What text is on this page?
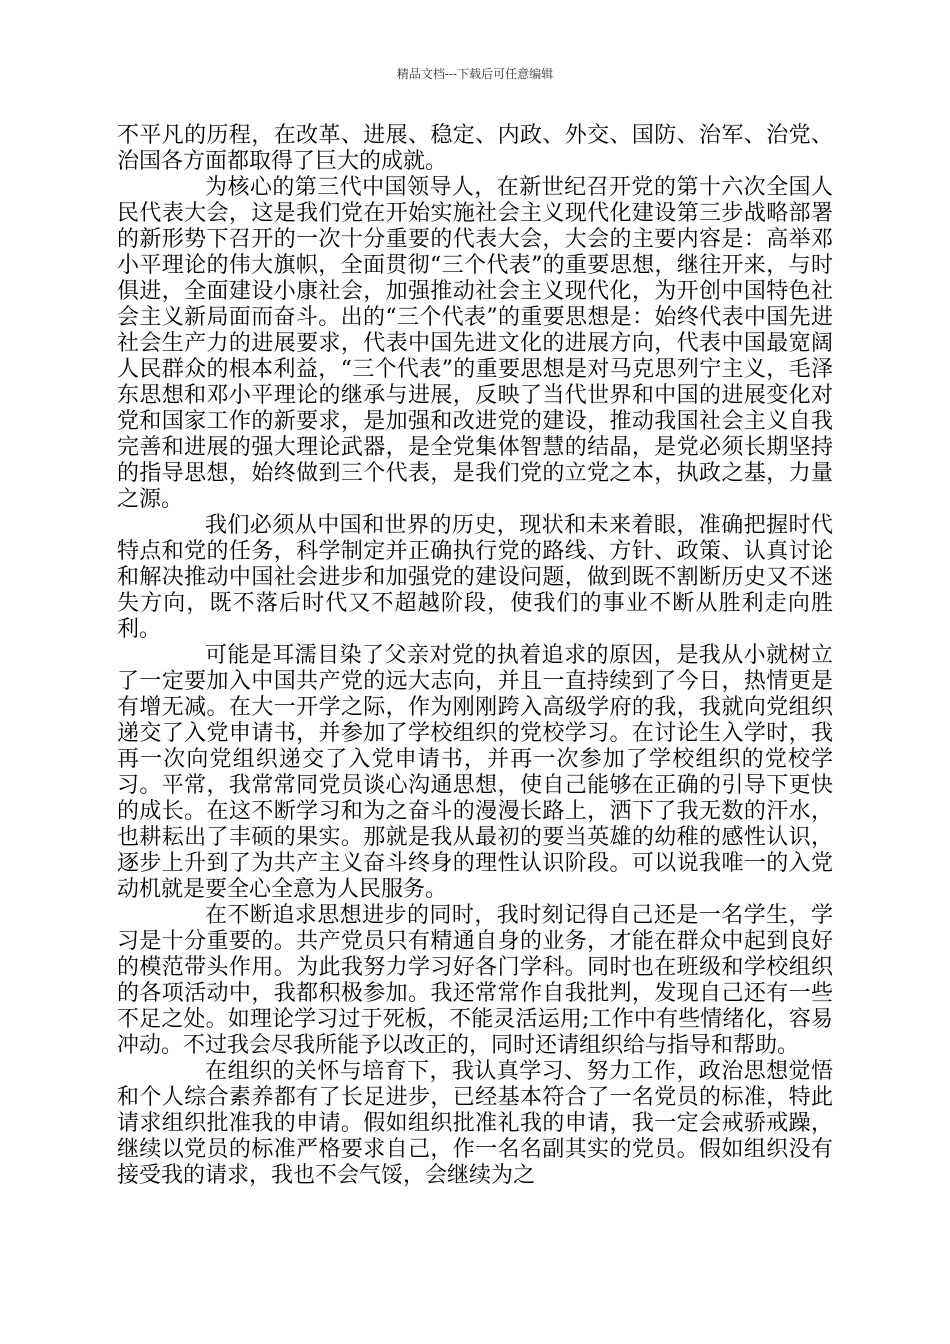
精品文档---下载后可任意编辑

不平凡的历程，在改革、进展、稳定、内政、外交、国防、治军、治党、治国各方面都取得了巨大的成就。

为核心的第三代中国领导人，在新世纪召开党的第十六次全国人民代表大会，这是我们党在开始实施社会主义现代化建设第三步战略部署的新形势下召开的一次十分重要的代表大会，大会的主要内容是：高举邓小平理论的伟大旗帜，全面贯彻“三个代表”的重要思想，继往开来，与时俱进，全面建设小康社会，加强推动社会主义现代化，为开创中国特色社会主义新局面而奋斗。出的“三个代表”的重要思想是：始终代表中国先进社会生产力的进展要求，代表中国先进文化的进展方向，代表中国最宽阔人民群众的根本利益，“三个代表”的重要思想是对马克思列宁主义，毛泽东思想和邓小平理论的继承与进展，反映了当代世界和中国的进展变化对党和国家工作的新要求，是加强和改进党的建设，推动我国社会主义自我完善和进展的强大理论武器，是全党集体智慧的结晶，是党必须长期坚持的指导思想，始终做到三个代表，是我们党的立党之本，执政之基，力量之源。

我们必须从中国和世界的历史，现状和未来着眼，准确把握时代特点和党的任务，科学制定并正确执行党的路线、方针、政策、认真讨论和解决推动中国社会进步和加强党的建设问题，做到既不割断历史又不迷失方向，既不落后时代又不超越阶段，使我们的事业不断从胜利走向胜利。

可能是耳濡目染了父亲对党的执着追求的原因，是我从小就树立了一定要加入中国共产党的远大志向，并且一直持续到了今日，热情更是有增无减。在大一开学之际，作为刚刚跨入高级学府的我，我就向党组织递交了入党申请书，并参加了学校组织的党校学习。在讨论生入学时，我再一次向党组织递交了入党申请书，并再一次参加了学校组织的党校学习。平常，我常常同党员谈心沟通思想，使自己能够在正确的引导下更快的成长。在这不断学习和为之奋斗的漫漫长路上，洒下了我无数的汗水，也耕耘出了丰硕的果实。那就是我从最初的要当英雄的幼稚的感性认识，逐步上升到了为共产主义奋斗终身的理性认识阶段。可以说我唯一的入党动机就是要全心全意为人民服务。

在不断追求思想进步的同时，我时刻记得自己还是一名学生，学习是十分重要的。共产党员只有精通自身的业务，才能在群众中起到良好的模范带头作用。为此我努力学习好各门学科。同时也在班级和学校组织的各项活动中，我都积极参加。我还常常作自我批判，发现自己还有一些不足之处。如理论学习过于死板，不能灵活运用;工作中有些情绪化，容易冲动。不过我会尽我所能予以改正的，同时还请组织给与指导和帮助。

在组织的关怀与培育下，我认真学习、努力工作，政治思想觉悟和个人综合素养都有了长足进步，已经基本符合了一名党员的标准，特此请求组织批准我的申请。假如组织批准礼我的申请，我一定会戒骄戒躁，继续以党员的标准严格要求自己，作一名名副其实的党员。假如组织没有接受我的请求，我也不会气馁，会继续为之
